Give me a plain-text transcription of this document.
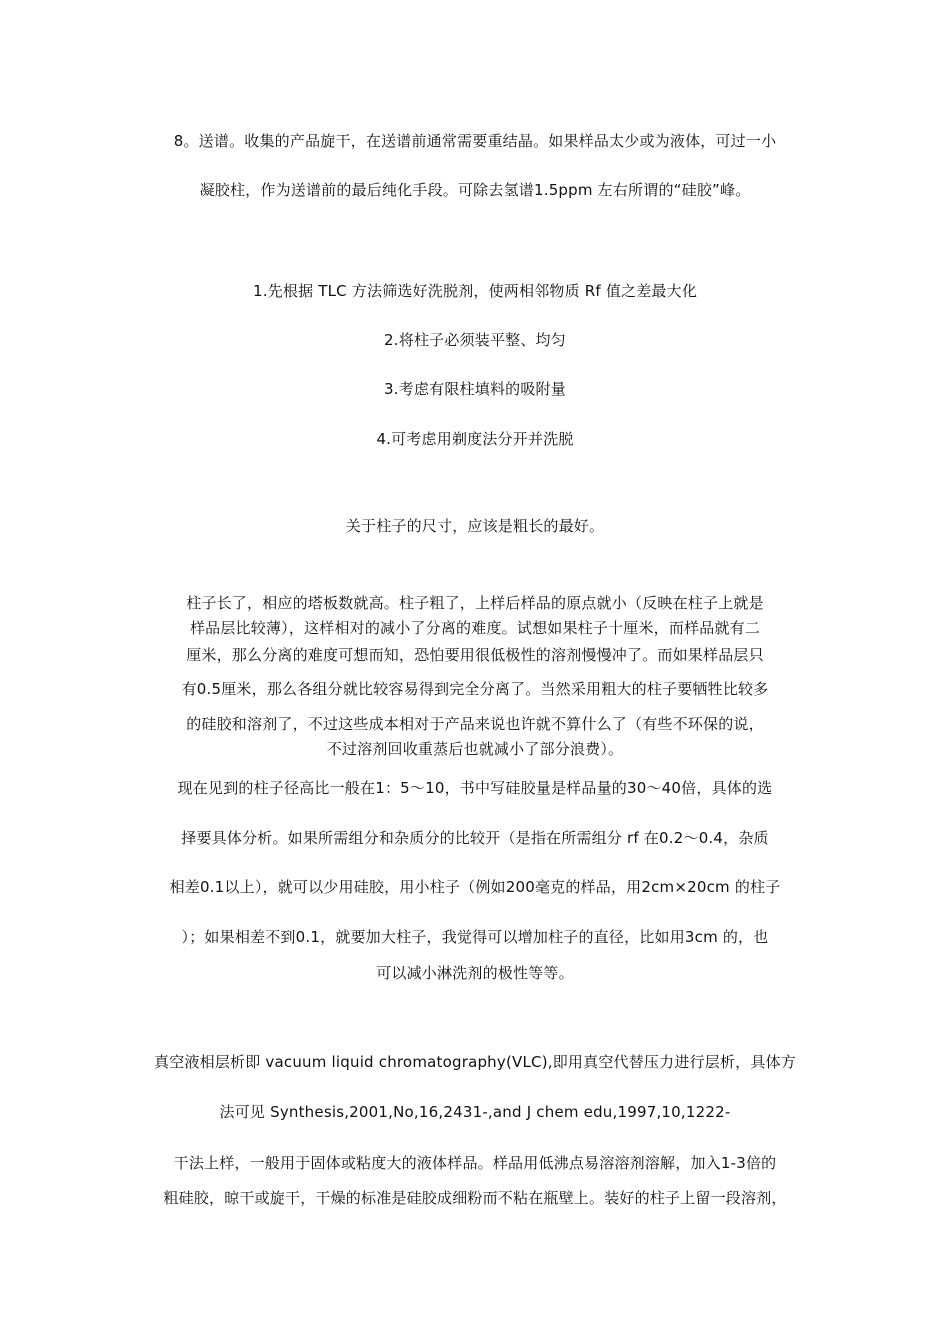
8。送谱。收集的产品旋干，在送谱前通常需要重结晶。如果样品太少或为液体，可过一小
凝胶柱，作为送谱前的最后纯化手段。可除去氢谱1.5ppm 左右所谓的“硅胶”峰。
1.先根据 TLC 方法筛选好洗脱剂，使两相邻物质 Rf 值之差最大化
2.将柱子必须装平整、均匀
3.考虑有限柱填料的吸附量
4.可考虑用剃度法分开并洗脱
关于柱子的尺寸，应该是粗长的最好。
柱子长了，相应的塔板数就高。柱子粗了，上样后样品的原点就小（反映在柱子上就是
样品层比较薄），这样相对的减小了分离的难度。试想如果柱子十厘米，而样品就有二
厘米，那么分离的难度可想而知，恐怕要用很低极性的溶剂慢慢冲了。而如果样品层只
有0.5厘米，那么各组分就比较容易得到完全分离了。当然采用粗大的柱子要牺牲比较多
的硅胶和溶剂了，不过这些成本相对于产品来说也许就不算什么了（有些不环保的说，
不过溶剂回收重蒸后也就减小了部分浪费）。
现在见到的柱子径高比一般在1：5～10，书中写硅胶量是样品量的30～40倍，具体的选
择要具体分析。如果所需组分和杂质分的比较开（是指在所需组分 rf 在0.2～0.4，杂质
相差0.1以上），就可以少用硅胶，用小柱子（例如200毫克的样品，用2cm×20cm 的柱子
）；如果相差不到0.1，就要加大柱子，我觉得可以增加柱子的直径，比如用3cm 的，也
可以减小淋洗剂的极性等等。
真空液相层析即 vacuum liquid chromatography(VLC),即用真空代替压力进行层析，具体方
法可见 Synthesis,2001,No,16,2431-,and J chem edu,1997,10,1222-
干法上样，一般用于固体或粘度大的液体样品。样品用低沸点易溶溶剂溶解，加入1-3倍的
粗硅胶，晾干或旋干，干燥的标准是硅胶成细粉而不粘在瓶壁上。装好的柱子上留一段溶剂，
